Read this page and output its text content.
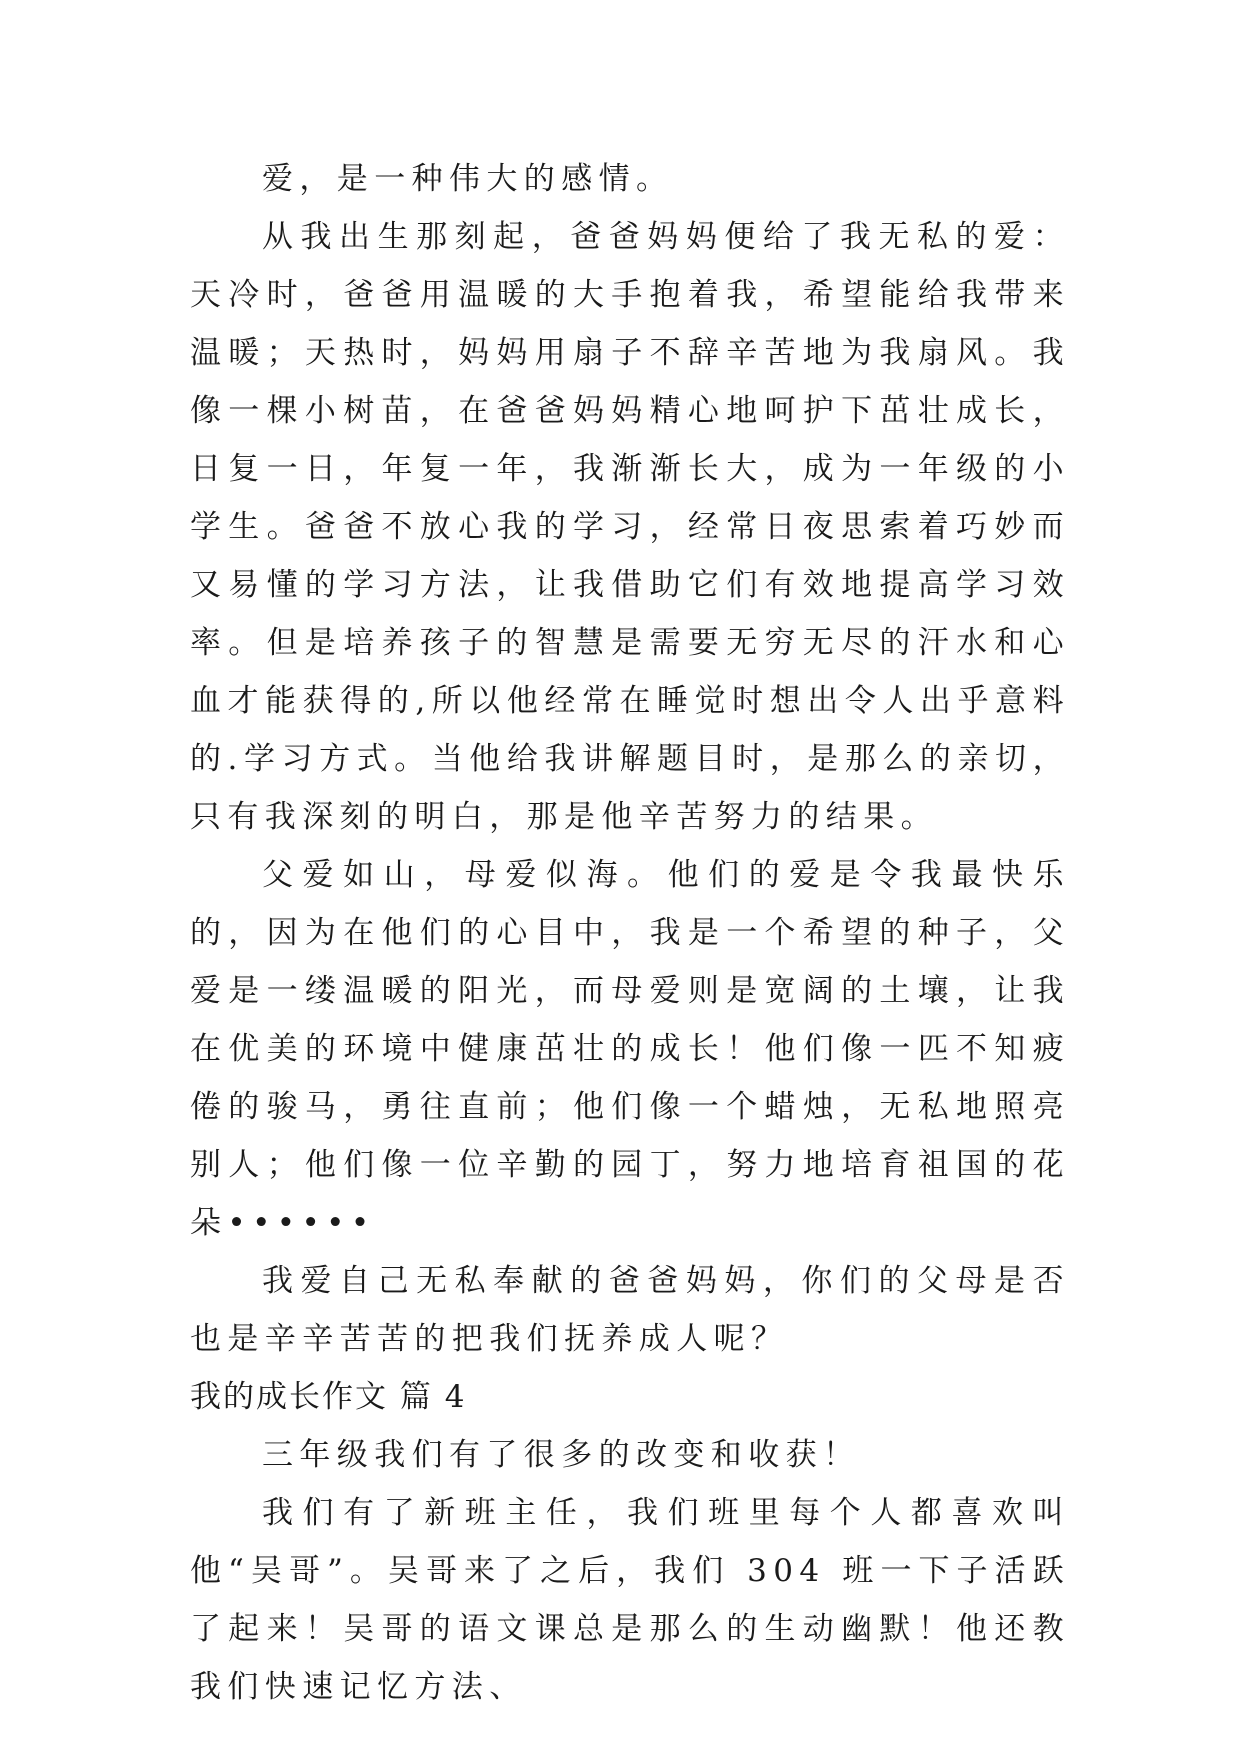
爱，是一种伟大的感情。

从我出生那刻起，爸爸妈妈便给了我无私的爱：天冷时，爸爸用温暖的大手抱着我，希望能给我带来温暖；天热时，妈妈用扇子不辞辛苦地为我扇风。我像一棵小树苗，在爸爸妈妈精心地呵护下茁壮成长，日复一日，年复一年，我渐渐长大，成为一年级的小学生。爸爸不放心我的学习，经常日夜思索着巧妙而又易懂的学习方法，让我借助它们有效地提高学习效率。但是培养孩子的智慧是需要无穷无尽的汗水和心血才能获得的,所以他经常在睡觉时想出令人出乎意料的.学习方式。当他给我讲解题目时，是那么的亲切，只有我深刻的明白，那是他辛苦努力的结果。

父爱如山，母爱似海。他们的爱是令我最快乐的，因为在他们的心目中，我是一个希望的种子，父爱是一缕温暖的阳光，而母爱则是宽阔的土壤，让我在优美的环境中健康茁壮的成长！他们像一匹不知疲倦的骏马，勇往直前；他们像一个蜡烛，无私地照亮别人；他们像一位辛勤的园丁，努力地培育祖国的花朵••••••

我爱自己无私奉献的爸爸妈妈，你们的父母是否也是辛辛苦苦的把我们抚养成人呢？

我的成长作文 篇 4

三年级我们有了很多的改变和收获！

我们有了新班主任，我们班里每个人都喜欢叫他“吴哥”。吴哥来了之后，我们 304 班一下子活跃了起来！吴哥的语文课总是那么的生动幽默！他还教我们快速记忆方法、
